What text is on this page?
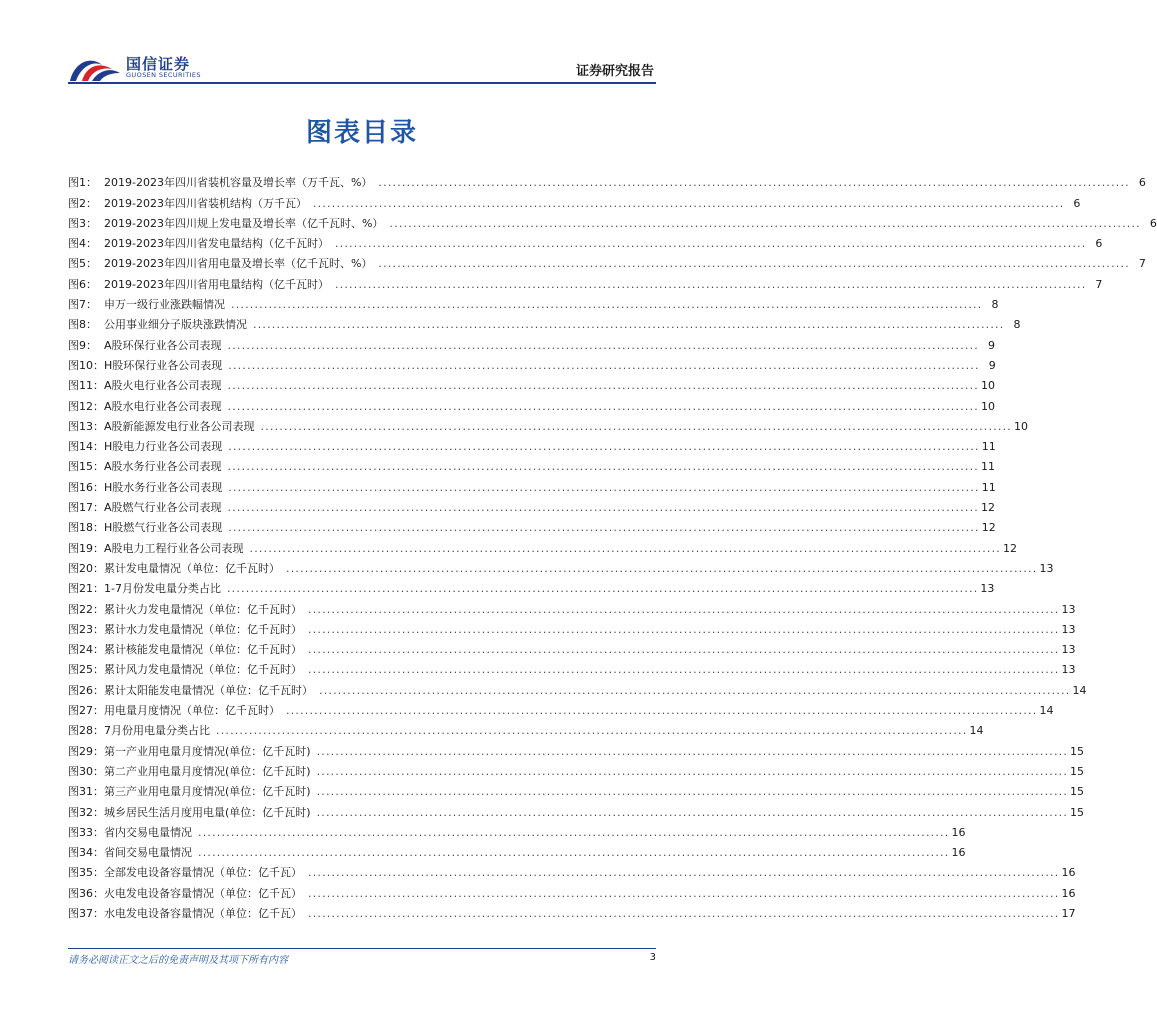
国信证券
GUOSEN SECURITIES	证券研究报告
图表目录
图1： 2019-2023年四川省装机容量及增长率（万千瓦、%） ................................................................................................................................................................ 6
图2： 2019-2023年四川省装机结构（万千瓦） ................................................................................................................................................................ 6
图3： 2019-2023年四川规上发电量及增长率（亿千瓦时、%） ................................................................................................................................................................ 6
图4： 2019-2023年四川省发电量结构（亿千瓦时） ................................................................................................................................................................ 6
图5： 2019-2023年四川省用电量及增长率（亿千瓦时、%） ................................................................................................................................................................ 7
图6： 2019-2023年四川省用电量结构（亿千瓦时） ................................................................................................................................................................ 7
图7： 申万一级行业涨跌幅情况 ................................................................................................................................................................ 8
图8： 公用事业细分子版块涨跌情况 ................................................................................................................................................................ 8
图9： A股环保行业各公司表现 ................................................................................................................................................................ 9
图10： H股环保行业各公司表现 ................................................................................................................................................................ 9
图11： A股火电行业各公司表现 ................................................................................................................................................................ 10
图12： A股水电行业各公司表现 ................................................................................................................................................................ 10
图13： A股新能源发电行业各公司表现 ................................................................................................................................................................ 10
图14： H股电力行业各公司表现 ................................................................................................................................................................ 11
图15： A股水务行业各公司表现 ................................................................................................................................................................ 11
图16： H股水务行业各公司表现 ................................................................................................................................................................ 11
图17： A股燃气行业各公司表现 ................................................................................................................................................................ 12
图18： H股燃气行业各公司表现 ................................................................................................................................................................ 12
图19： A股电力工程行业各公司表现 ................................................................................................................................................................ 12
图20： 累计发电量情况（单位：亿千瓦时） ................................................................................................................................................................ 13
图21： 1-7月份发电量分类占比 ................................................................................................................................................................ 13
图22： 累计火力发电量情况（单位：亿千瓦时） ................................................................................................................................................................ 13
图23： 累计水力发电量情况（单位：亿千瓦时） ................................................................................................................................................................ 13
图24： 累计核能发电量情况（单位：亿千瓦时） ................................................................................................................................................................ 13
图25： 累计风力发电量情况（单位：亿千瓦时） ................................................................................................................................................................ 13
图26： 累计太阳能发电量情况（单位：亿千瓦时） ................................................................................................................................................................ 14
图27： 用电量月度情况（单位：亿千瓦时） ................................................................................................................................................................ 14
图28： 7月份用电量分类占比 ................................................................................................................................................................ 14
图29： 第一产业用电量月度情况(单位：亿千瓦时) ................................................................................................................................................................ 15
图30： 第二产业用电量月度情况(单位：亿千瓦时) ................................................................................................................................................................ 15
图31： 第三产业用电量月度情况(单位：亿千瓦时) ................................................................................................................................................................ 15
图32： 城乡居民生活月度用电量(单位：亿千瓦时) ................................................................................................................................................................ 15
图33： 省内交易电量情况 ................................................................................................................................................................ 16
图34： 省间交易电量情况 ................................................................................................................................................................ 16
图35： 全部发电设备容量情况（单位：亿千瓦） ................................................................................................................................................................ 16
图36： 火电发电设备容量情况（单位：亿千瓦） ................................................................................................................................................................ 16
图37： 水电发电设备容量情况（单位：亿千瓦） ................................................................................................................................................................ 17
请务必阅读正文之后的免责声明及其项下所有内容	3
